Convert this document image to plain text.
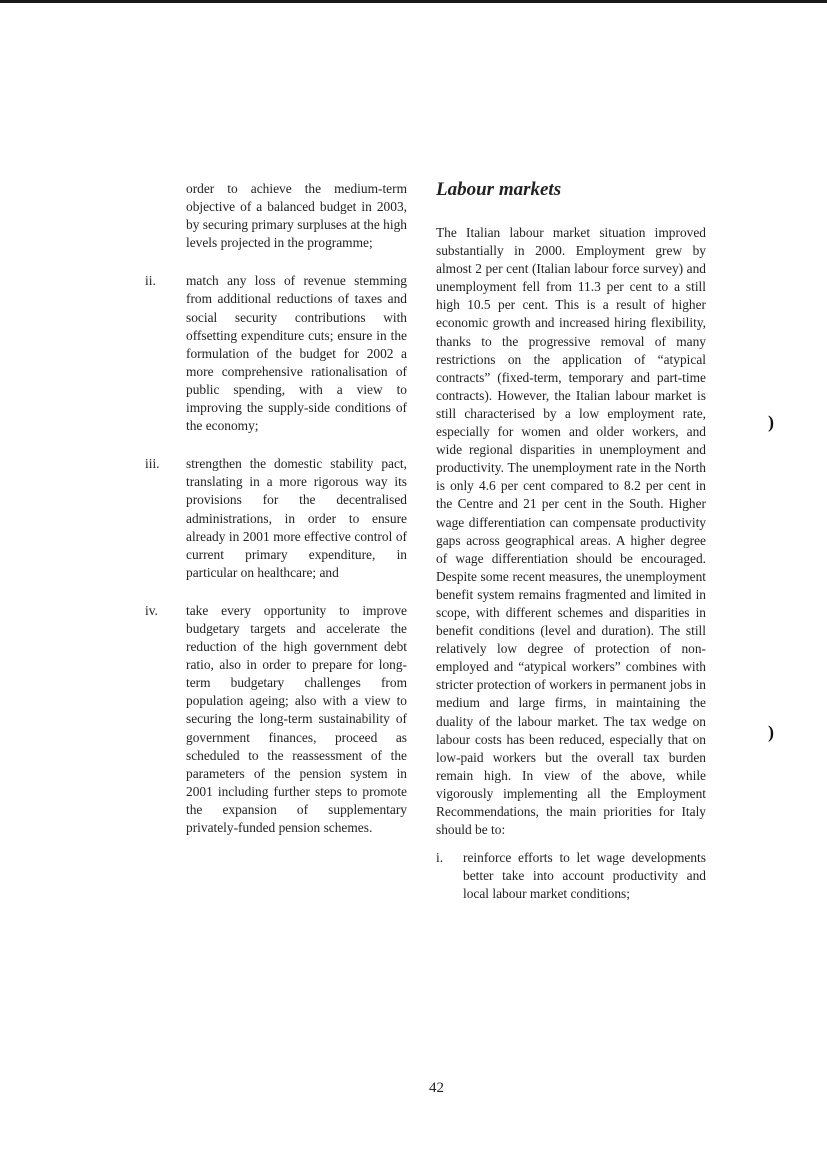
order to achieve the medium-term objective of a balanced budget in 2003, by securing primary surpluses at the high levels projected in the programme;
ii. match any loss of revenue stemming from additional reductions of taxes and social security contributions with offsetting expenditure cuts; ensure in the formulation of the budget for 2002 a more comprehensive rationalisation of public spending, with a view to improving the supply-side conditions of the economy;
iii. strengthen the domestic stability pact, translating in a more rigorous way its provisions for the decentralised administrations, in order to ensure already in 2001 more effective control of current primary expenditure, in particular on healthcare; and
iv. take every opportunity to improve budgetary targets and accelerate the reduction of the high government debt ratio, also in order to prepare for long-term budgetary challenges from population ageing; also with a view to securing the long-term sustainability of government finances, proceed as scheduled to the reassessment of the parameters of the pension system in 2001 including further steps to promote the expansion of supplementary privately-funded pension schemes.
Labour markets

The Italian labour market situation improved substantially in 2000. Employment grew by almost 2 per cent (Italian labour force survey) and unemployment fell from 11.3 per cent to a still high 10.5 per cent. This is a result of higher economic growth and increased hiring flexibility, thanks to the progressive removal of many restrictions on the application of “atypical contracts” (fixed-term, temporary and part-time contracts). However, the Italian labour market is still characterised by a low employment rate, especially for women and older workers, and wide regional disparities in unemployment and productivity. The unemployment rate in the North is only 4.6 per cent compared to 8.2 per cent in the Centre and 21 per cent in the South. Higher wage differentiation can compensate productivity gaps across geographical areas. A higher degree of wage differentiation should be encouraged. Despite some recent measures, the unemployment benefit system remains fragmented and limited in scope, with different schemes and disparities in benefit conditions (level and duration). The still relatively low degree of protection of non-employed and “atypical workers” combines with stricter protection of workers in permanent jobs in medium and large firms, in maintaining the duality of the labour market. The tax wedge on labour costs has been reduced, especially that on low-paid workers but the overall tax burden remain high. In view of the above, while vigorously implementing all the Employment Recommendations, the main priorities for Italy should be to:

i. reinforce efforts to let wage developments better take into account productivity and local labour market conditions;
)
)
42
